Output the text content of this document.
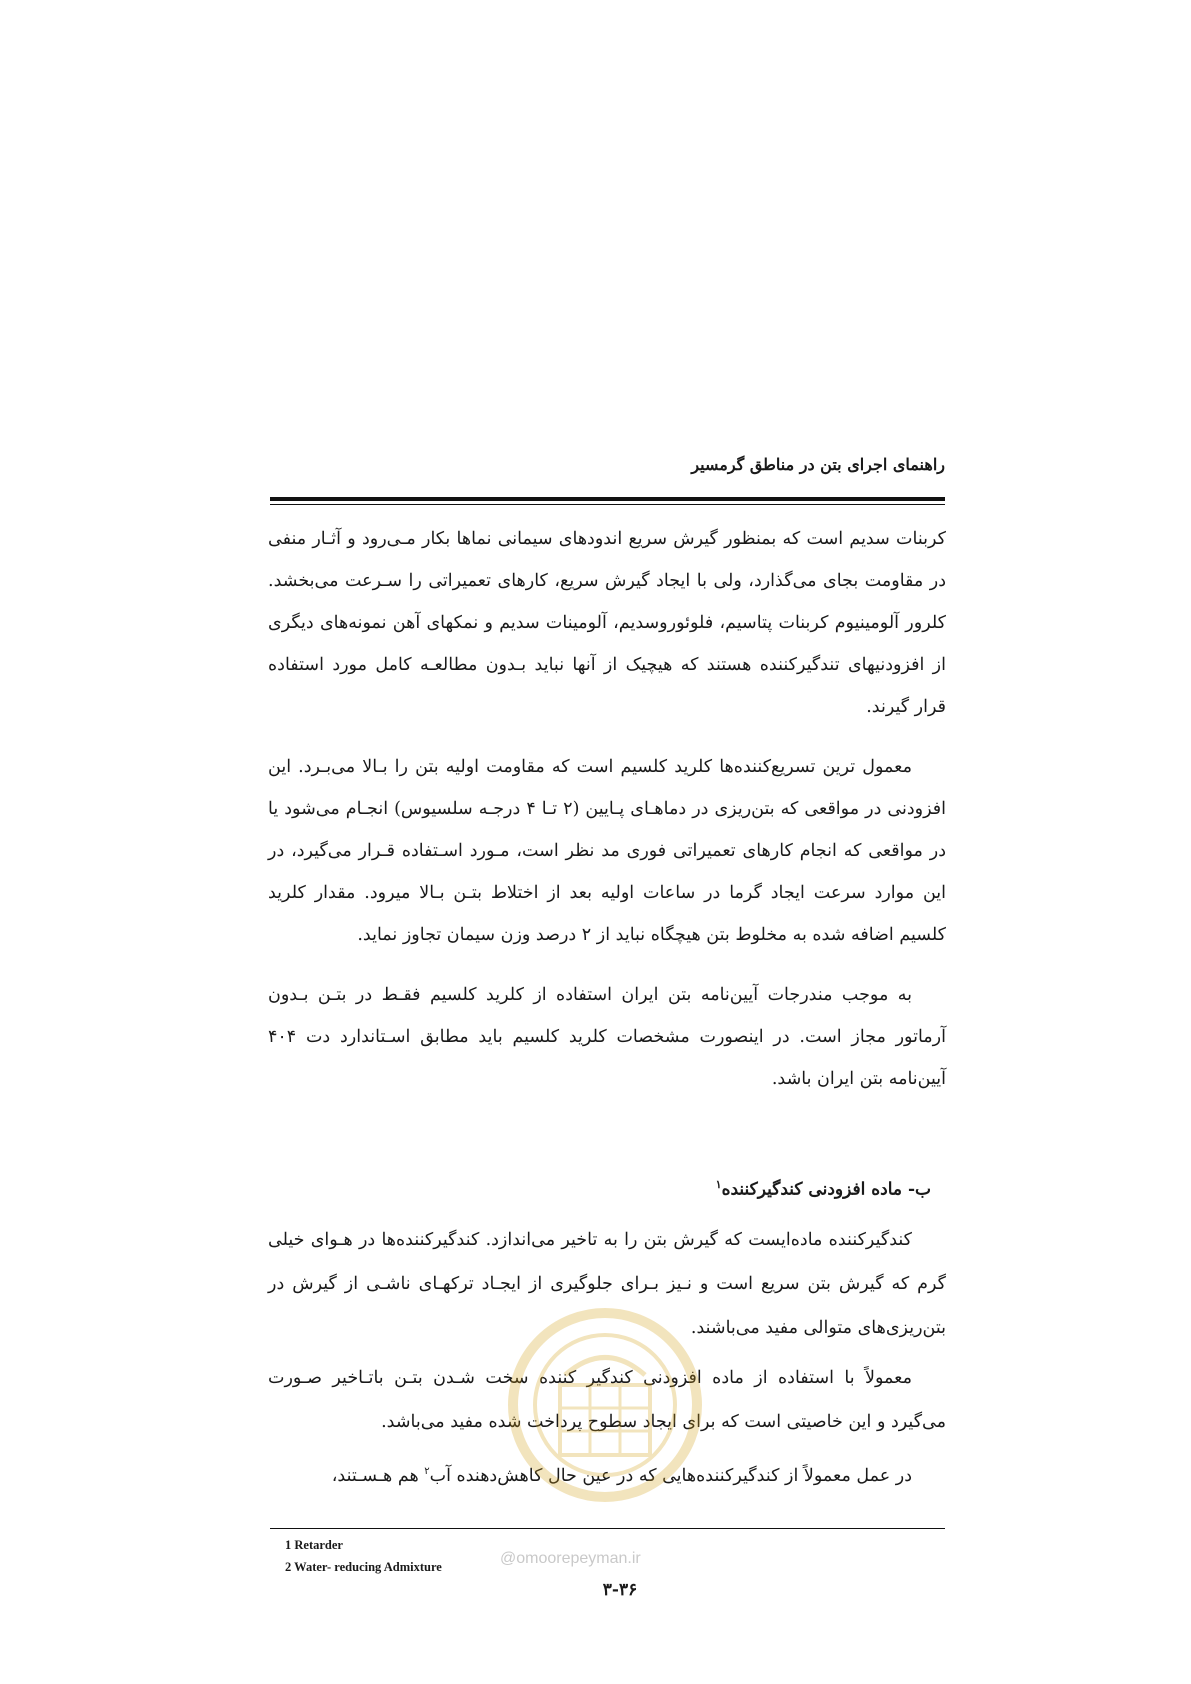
راهنمای اجرای بتن در مناطق گرمسیر

کربنات سدیم است که بمنظور گیرش سریع اندودهای سیمانی نماها بکار مـی‌رود و آثـار منفی در مقاومت بجای می‌گذارد، ولی با ایجاد گیرش سریع، کارهای تعمیراتی را سـرعت می‌بخشد. کلرور آلومینیوم کربنات پتاسیم، فلوئوروسدیم، آلومینات سدیم و نمکهای آهن نمونه‌های دیگری از افزودنیهای تندگیرکننده هستند که هیچیک از آنها نباید بـدون مطالعـه کامل مورد استفاده قرار گیرند.

معمول ترین تسریع‌کننده‌ها کلرید کلسیم است که مقاومت اولیه بتن را بـالا می‌بـرد. این افزودنی در مواقعی که بتن‌ریزی در دماهـای پـایین (۲ تـا ۴ درجـه سلسیوس) انجـام می‌شود یا در مواقعی که انجام کارهای تعمیراتی فوری مد نظر است، مـورد اسـتفاده قـرار می‌گیرد، در این موارد سرعت ایجاد گرما در ساعات اولیه بعد از اختلاط بتـن بـالا میرود. مقدار کلرید کلسیم اضافه شده به مخلوط بتن هیچگاه نباید از ۲ درصد وزن سیمان تجاوز نماید.

به موجب مندرجات آیین‌نامه بتن ایران استفاده از کلرید کلسیم فقـط در بتـن بـدون آرماتور مجاز است. در اینصورت مشخصات کلرید کلسیم باید مطابق اسـتاندارد دت ۴۰۴ آیین‌نامه بتن ایران باشد.

ب- ماده افزودنی کندگیرکننده$^۱$

کندگیرکننده ماده‌ایست که گیرش بتن را به تاخیر می‌اندازد. کندگیرکننده‌ها در هـوای خیلی گرم که گیرش بتن سریع است و نـیز بـرای جلوگیری از ایجـاد ترکهـای ناشـی از گیرش در بتن‌ریزی‌های متوالی مفید می‌باشند.

معمولاً با استفاده از ماده افزودنی کندگیر کننده سخت شـدن بتـن باتـاخیر صـورت می‌گیرد و این خاصیتی است که برای ایجاد سطوح پرداخت شده مفید می‌باشد.

در عمل معمولاً از کندگیرکننده‌هایی که در عین حال کاهش‌دهنده آب$^۲$ هم هـسـتند،

1 Retarder
2 Water- reducing Admixture	@omoorepeyman.ir
۳-۳۶
